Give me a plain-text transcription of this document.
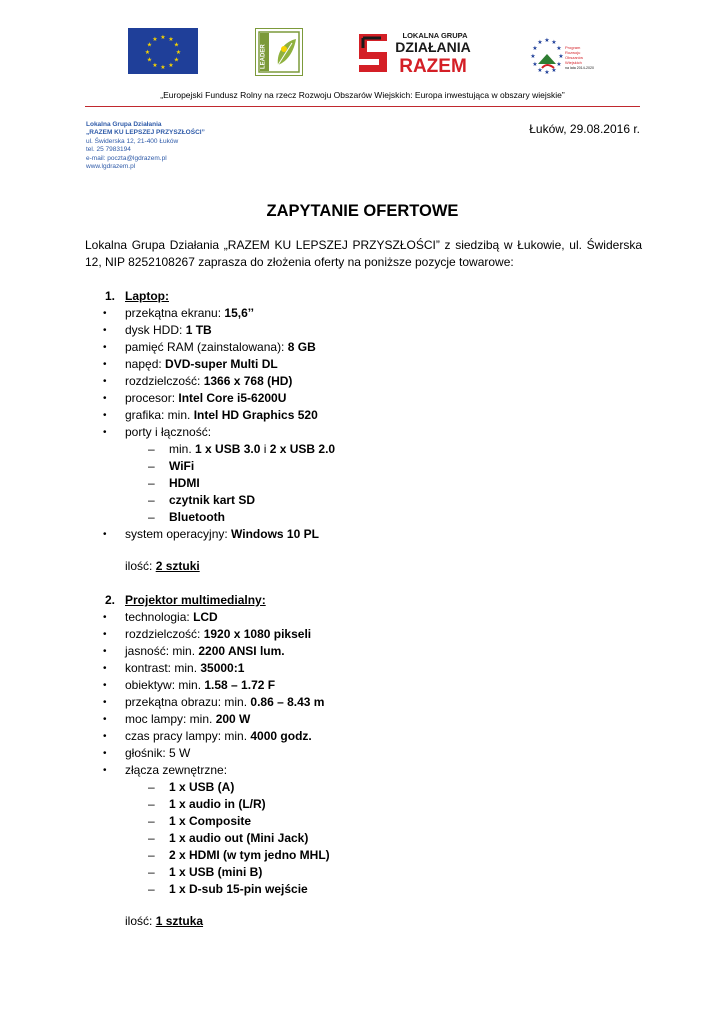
★ ★
★
★
★
★
★
★
★
★
★
★
LEADER
LOKALNA GRUPA
DZIAŁANIA
RAZEM
★ ★
★
★
★
★
★
★
★
★
★
★
Program
Rozwoju
Obszarów
Wiejskich
na lata 2014-2020
„Europejski Fundusz Rolny na rzecz Rozwoju Obszarów Wiejskich: Europa inwestująca w obszary wiejskie”
Lokalna Grupa Działania
„RAZEM KU LEPSZEJ PRZYSZŁOŚCI”
ul. Świderska 12, 21-400 Łuków
tel. 25 7983194
e-mail: poczta@lgdrazem.pl
www.lgdrazem.pl
Łuków, 29.08.2016 r.
ZAPYTANIE OFERTOWE
Lokalna Grupa Działania „RAZEM KU LEPSZEJ PRZYSZŁOŚCI” z siedzibą w Łukowie, ul. Świderska 12, NIP 8252108267 zaprasza do złożenia oferty na poniższe pozycje towarowe:
1. Laptop:
• przekątna ekranu: 15,6’’
• dysk HDD: 1 TB
• pamięć RAM (zainstalowana): 8 GB
• napęd: DVD-super Multi DL
• rozdzielczość: 1366 x 768 (HD)
• procesor: Intel Core i5-6200U
• grafika: min. Intel HD Graphics 520
• porty i łączność:
– min. 1 x USB 3.0 i 2 x USB 2.0
– WiFi
– HDMI
– czytnik kart SD
– Bluetooth
• system operacyjny: Windows 10 PL
ilość: 2 sztuki
2. Projektor multimedialny:
• technologia: LCD
• rozdzielczość: 1920 x 1080 pikseli
• jasność: min. 2200 ANSI lum.
• kontrast: min. 35000:1
• obiektyw: min. 1.58 – 1.72 F
• przekątna obrazu: min. 0.86 – 8.43 m
• moc lampy: min. 200 W
• czas pracy lampy: min. 4000 godz.
• głośnik: 5 W
• złącza zewnętrzne:
– 1 x USB (A)
– 1 x audio in (L/R)
– 1 x Composite
– 1 x audio out (Mini Jack)
– 2 x HDMI (w tym jedno MHL)
– 1 x USB (mini B)
– 1 x D-sub 15-pin wejście
ilość: 1 sztuka
